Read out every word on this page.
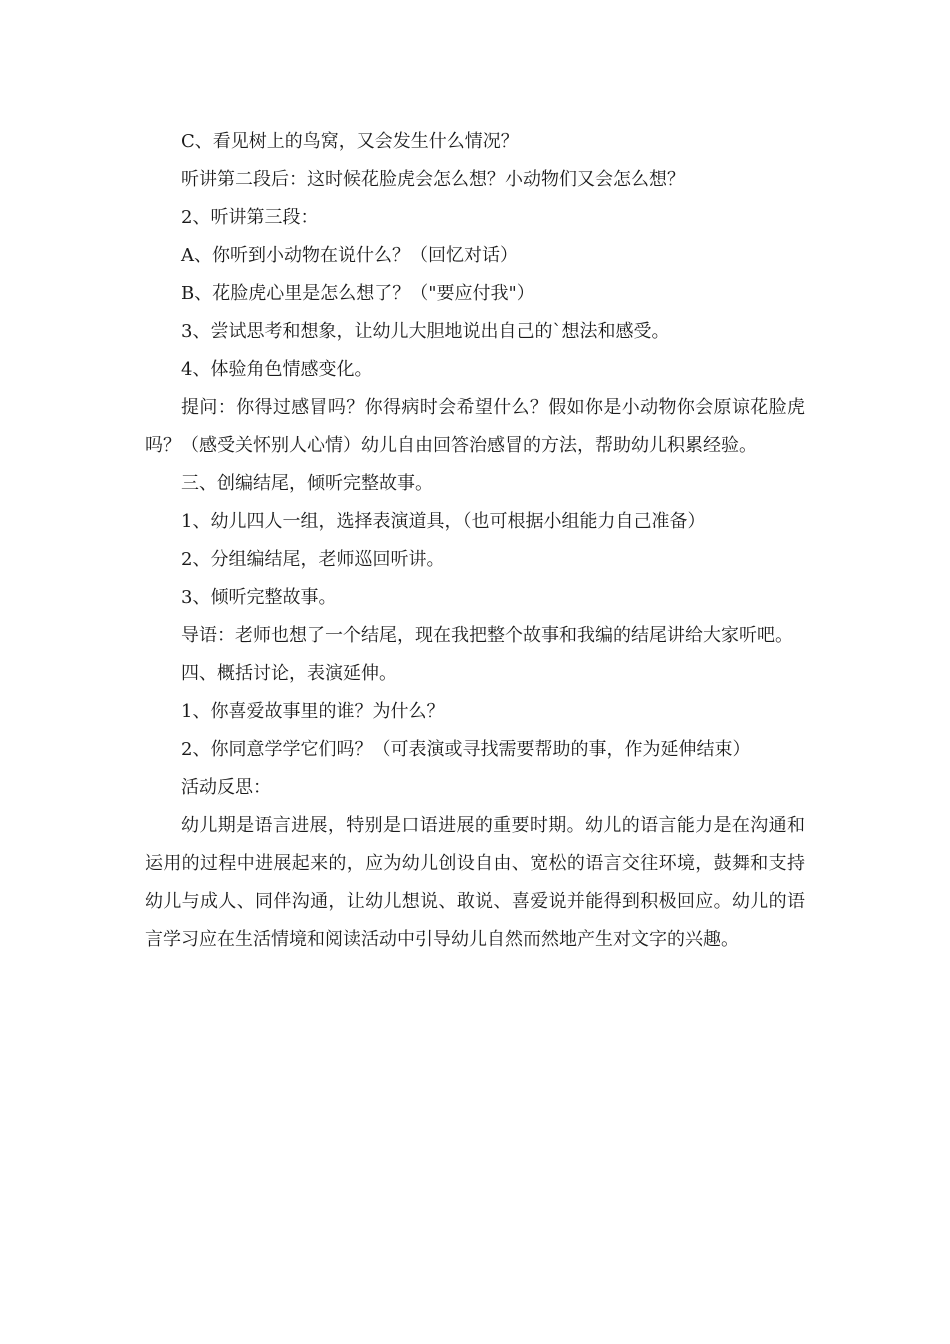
C、看见树上的鸟窝，又会发生什么情况？

听讲第二段后：这时候花脸虎会怎么想？小动物们又会怎么想？

2、听讲第三段：

A、你听到小动物在说什么？（回忆对话）

B、花脸虎心里是怎么想了？（"要应付我"）

3、尝试思考和想象，让幼儿大胆地说出自己的`想法和感受。

4、体验角色情感变化。

提问：你得过感冒吗？你得病时会希望什么？假如你是小动物你会原谅花脸虎吗？（感受关怀别人心情）幼儿自由回答治感冒的方法，帮助幼儿积累经验。

三、创编结尾，倾听完整故事。

1、幼儿四人一组，选择表演道具，（也可根据小组能力自己准备）

2、分组编结尾，老师巡回听讲。

3、倾听完整故事。

导语：老师也想了一个结尾，现在我把整个故事和我编的结尾讲给大家听吧。

四、概括讨论，表演延伸。

1、你喜爱故事里的谁？为什么？

2、你同意学学它们吗？（可表演或寻找需要帮助的事，作为延伸结束）

活动反思：

幼儿期是语言进展，特别是口语进展的重要时期。幼儿的语言能力是在沟通和运用的过程中进展起来的，应为幼儿创设自由、宽松的语言交往环境，鼓舞和支持幼儿与成人、同伴沟通，让幼儿想说、敢说、喜爱说并能得到积极回应。幼儿的语言学习应在生活情境和阅读活动中引导幼儿自然而然地产生对文字的兴趣。
